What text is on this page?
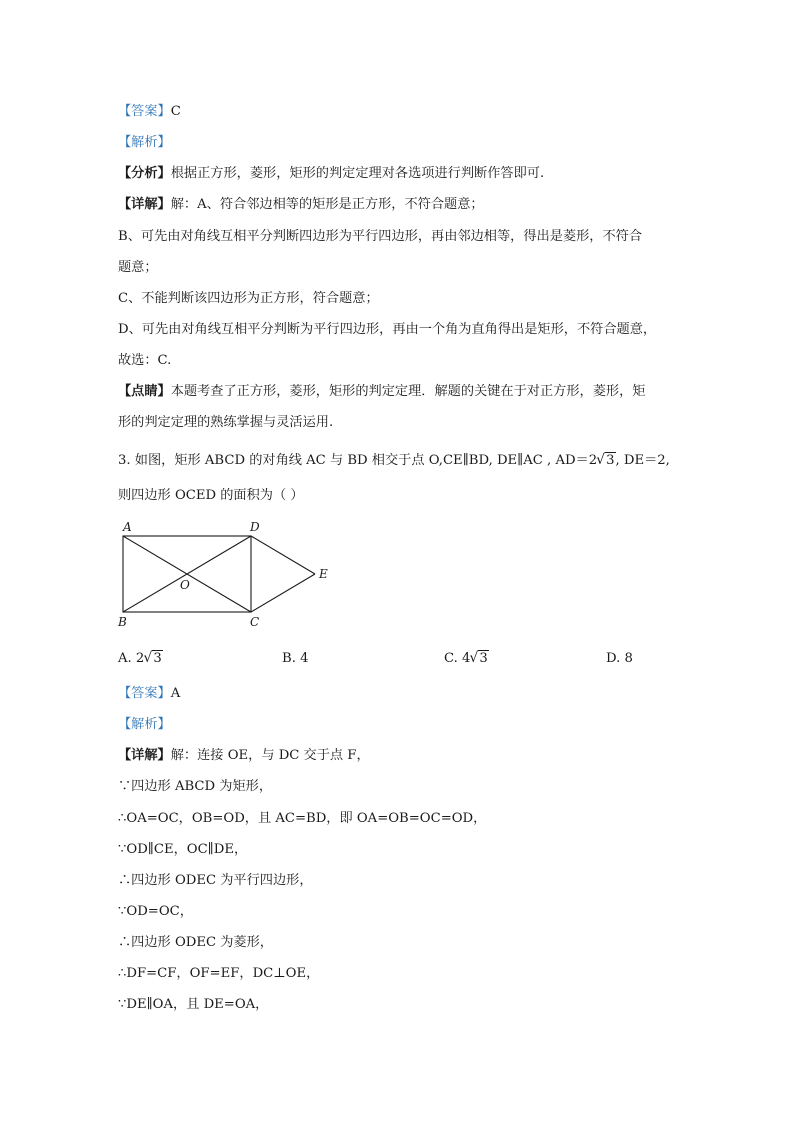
【答案】C
【解析】
【分析】根据正方形，菱形，矩形的判定定理对各选项进行判断作答即可.
【详解】解：A、符合邻边相等的矩形是正方形，不符合题意；
B、可先由对角线互相平分判断四边形为平行四边形，再由邻边相等，得出是菱形，不符合
题意；
C、不能判断该四边形为正方形，符合题意；
D、可先由对角线互相平分判断为平行四边形，再由一个角为直角得出是矩形，不符合题意，
故选：C.
【点睛】本题考查了正方形，菱形，矩形的判定定理．解题的关键在于对正方形，菱形，矩
形的判定定理的熟练掌握与灵活运用.
3. 如图，矩形 ABCD 的对角线 AC 与 BD 相交于点 O,CE∥BD, DE∥AC , AD＝2 √ 3, DE＝2,
则四边形 OCED 的面积为（ ）
A	D
E
O
B	C
A. 2 √ 3	B. 4	C. 4 √ 3	D. 8
【答案】A
【解析】
【详解】解：连接 OE，与 DC 交于点 F，
∵四边形 ABCD 为矩形，
∴OA=OC，OB=OD，且 AC=BD，即 OA=OB=OC=OD，
∵OD∥CE，OC∥DE，
∴四边形 ODEC 为平行四边形，
∵OD=OC，
∴四边形 ODEC 为菱形，
∴DF=CF，OF=EF，DC⊥OE，
∵DE∥OA，且 DE=OA，
